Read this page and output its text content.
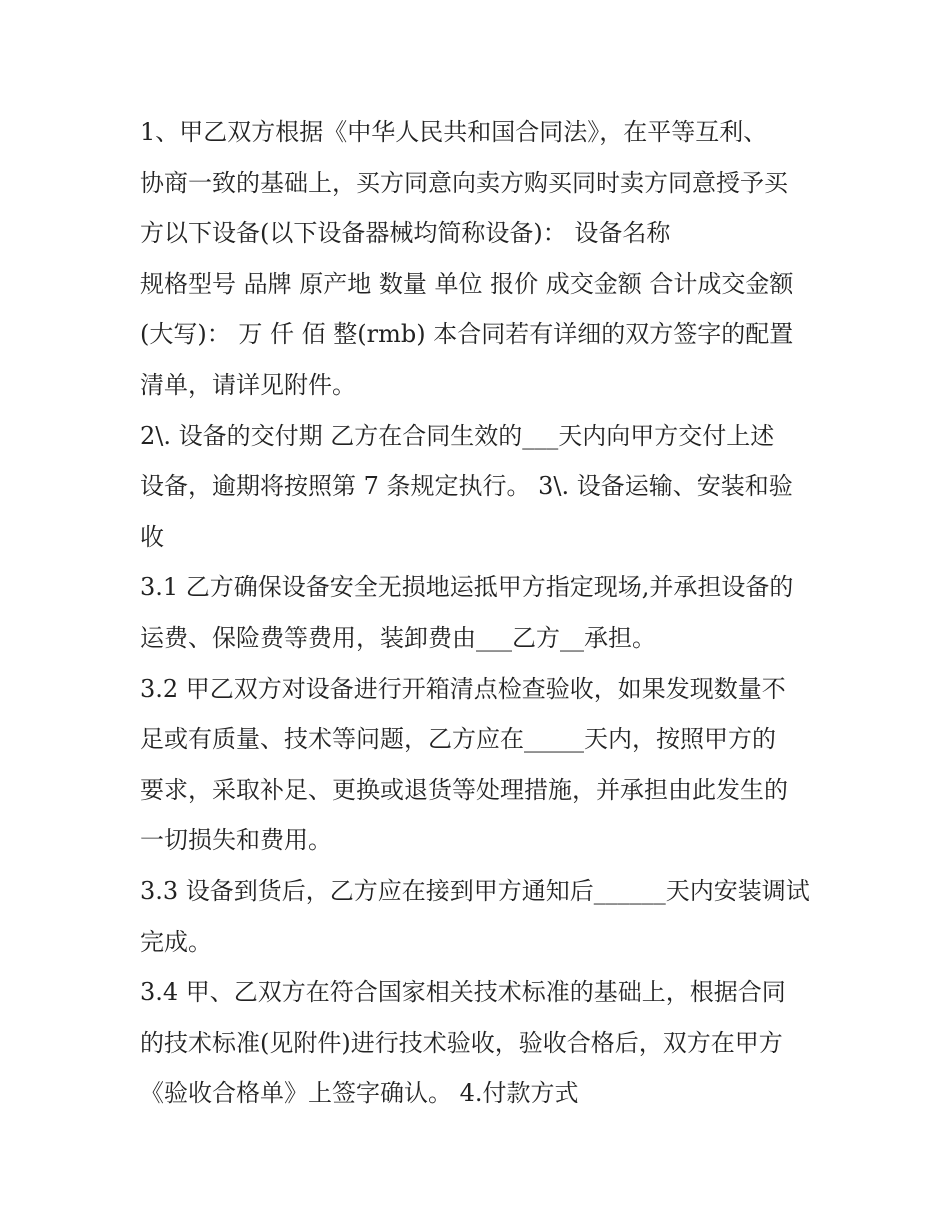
1、甲乙双方根据《中华人民共和国合同法》，在平等互利、
协商一致的基础上，买方同意向卖方购买同时卖方同意授予买
方以下设备(以下设备器械均简称设备)： 设备名称
规格型号 品牌 原产地 数量 单位 报价 成交金额 合计成交金额
(大写)： 万 仟 佰 整(rmb) 本合同若有详细的双方签字的配置
清单，请详见附件。
2\. 设备的交付期 乙方在合同生效的___天内向甲方交付上述
设备，逾期将按照第 7 条规定执行。 3\. 设备运输、安装和验
收
3.1 乙方确保设备安全无损地运抵甲方指定现场,并承担设备的
运费、保险费等费用，装卸费由___乙方__承担。
3.2 甲乙双方对设备进行开箱清点检查验收，如果发现数量不
足或有质量、技术等问题，乙方应在_____天内，按照甲方的
要求，采取补足、更换或退货等处理措施，并承担由此发生的
一切损失和费用。
3.3 设备到货后，乙方应在接到甲方通知后______天内安装调试
完成。
3.4 甲、乙双方在符合国家相关技术标准的基础上，根据合同
的技术标准(见附件)进行技术验收，验收合格后，双方在甲方
《验收合格单》上签字确认。 4.付款方式
